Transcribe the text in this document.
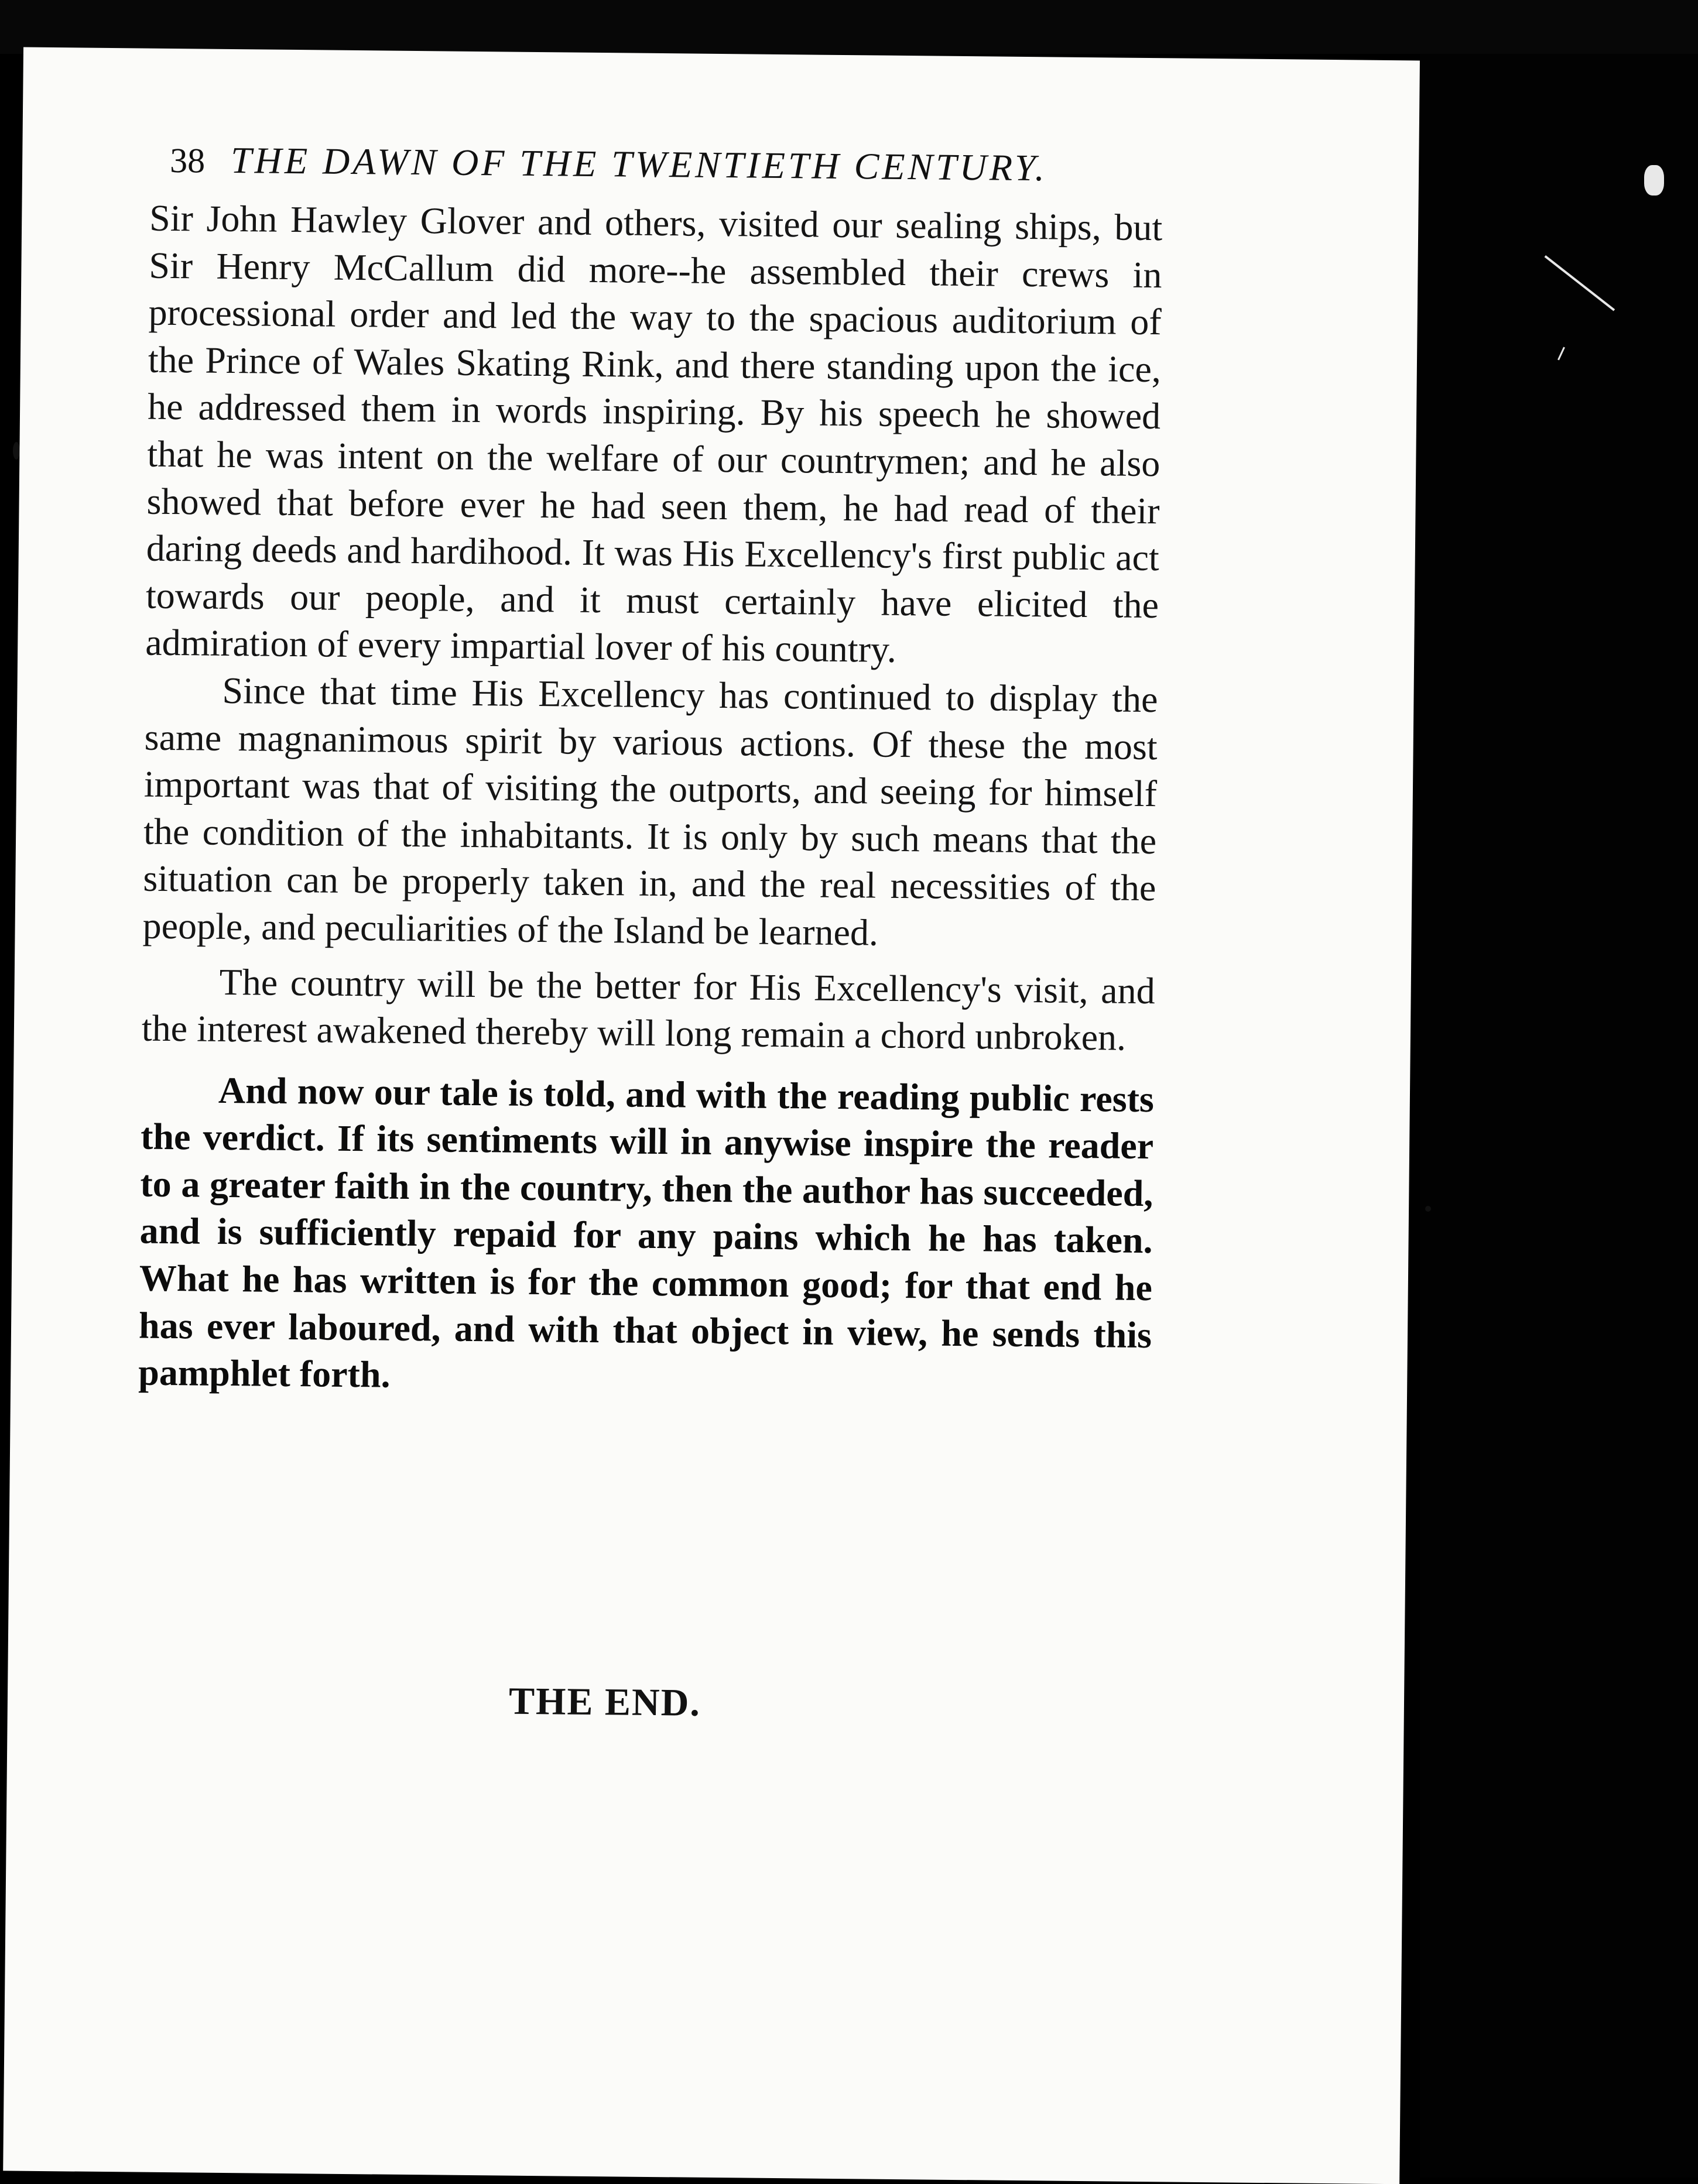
38 THE DAWN OF THE TWENTIETH CENTURY.

Sir John Hawley Glover and others, visited our sealing ships, but Sir Henry McCallum did more--he assembled their crews in processional order and led the way to the spacious auditorium of the Prince of Wales Skating Rink, and there standing upon the ice, he addressed them in words inspiring. By his speech he showed that he was intent on the welfare of our countrymen; and he also showed that before ever he had seen them, he had read of their daring deeds and hardihood. It was His Excellency's first public act towards our people, and it must certainly have elicited the admiration of every impartial lover of his country.

Since that time His Excellency has continued to display the same magnanimous spirit by various actions. Of these the most important was that of visiting the outports, and seeing for himself the condition of the inhabitants. It is only by such means that the situation can be properly taken in, and the real necessities of the people, and peculiarities of the Island be learned.

The country will be the better for His Excellency's visit, and the interest awakened thereby will long remain a chord unbroken.

And now our tale is told, and with the reading public rests the verdict. If its sentiments will in anywise inspire the reader to a greater faith in the country, then the author has succeeded, and is sufficiently repaid for any pains which he has taken. What he has written is for the common good; for that end he has ever laboured, and with that object in view, he sends this pamphlet forth.

THE END.
